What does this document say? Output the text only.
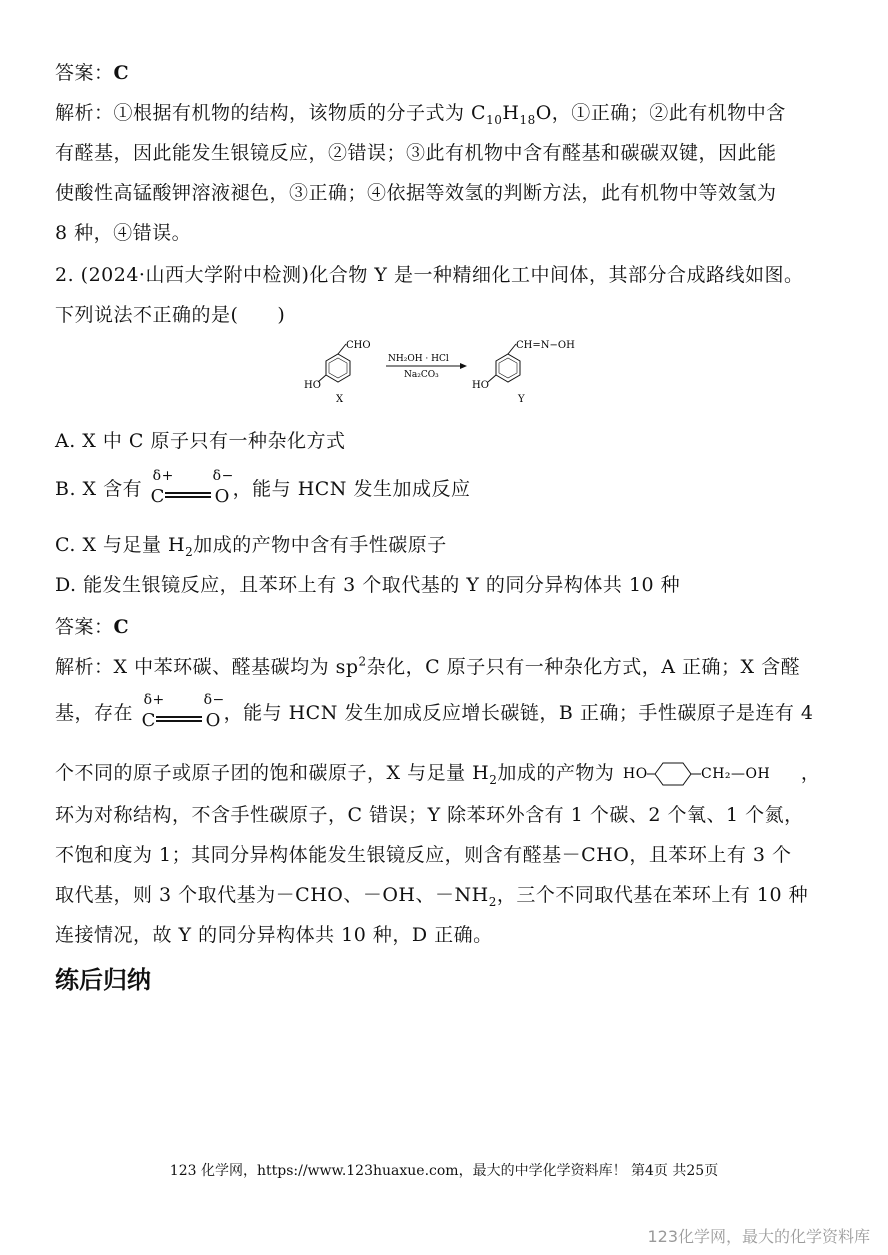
答案：C
解析：①根据有机物的结构，该物质的分子式为 $C_{10}H_{18}O$，①正确；②此有机物中含
有醛基，因此能发生银镜反应，②错误；③此有机物中含有醛基和碳碳双键，因此能
使酸性高锰酸钾溶液褪色，③正确；④依据等效氢的判断方法，此有机物中等效氢为
8 种，④错误。
2. (2024·山西大学附中检测)化合物 Y 是一种精细化工中间体，其部分合成路线如图。
下列说法不正确的是(　　)
CHO
HO
X
NH₂OH · HCl
Na₂CO₃
CH=N−OH
HO
Y
A. X 中 C 原子只有一种杂化方式
B. X 含有
δ+	δ−
C	O ，能与 HCN 发生加成反应
C. X 与足量 $H_2$加成的产物中含有手性碳原子
D. 能发生银镜反应，且苯环上有 3 个取代基的 Y 的同分异构体共 10 种
答案：C
解析：X 中苯环碳、醛基碳均为 $sp^2$杂化，C 原子只有一种杂化方式，A 正确；X 含醛
基，存在
δ+	δ−
C	O ，能与 HCN 发生加成反应增长碳链，B 正确；手性碳原子是连有 4
个不同的原子或原子团的饱和碳原子，X 与足量 $H_2$加成的产物为 HO	CH₂—OH ，
环为对称结构，不含手性碳原子，C 错误；Y 除苯环外含有 1 个碳、2 个氧、1 个氮，
不饱和度为 1；其同分异构体能发生银镜反应，则含有醛基－CHO，且苯环上有 3 个
取代基，则 3 个取代基为－CHO、－OH、$-NH_2$，三个不同取代基在苯环上有 10 种
连接情况，故 Y 的同分异构体共 10 种，D 正确。
练后归纳
123 化学网，https://www.123huaxue.com，最大的中学化学资料库！ 第4页 共25页
123化学网，最大的化学资料库
